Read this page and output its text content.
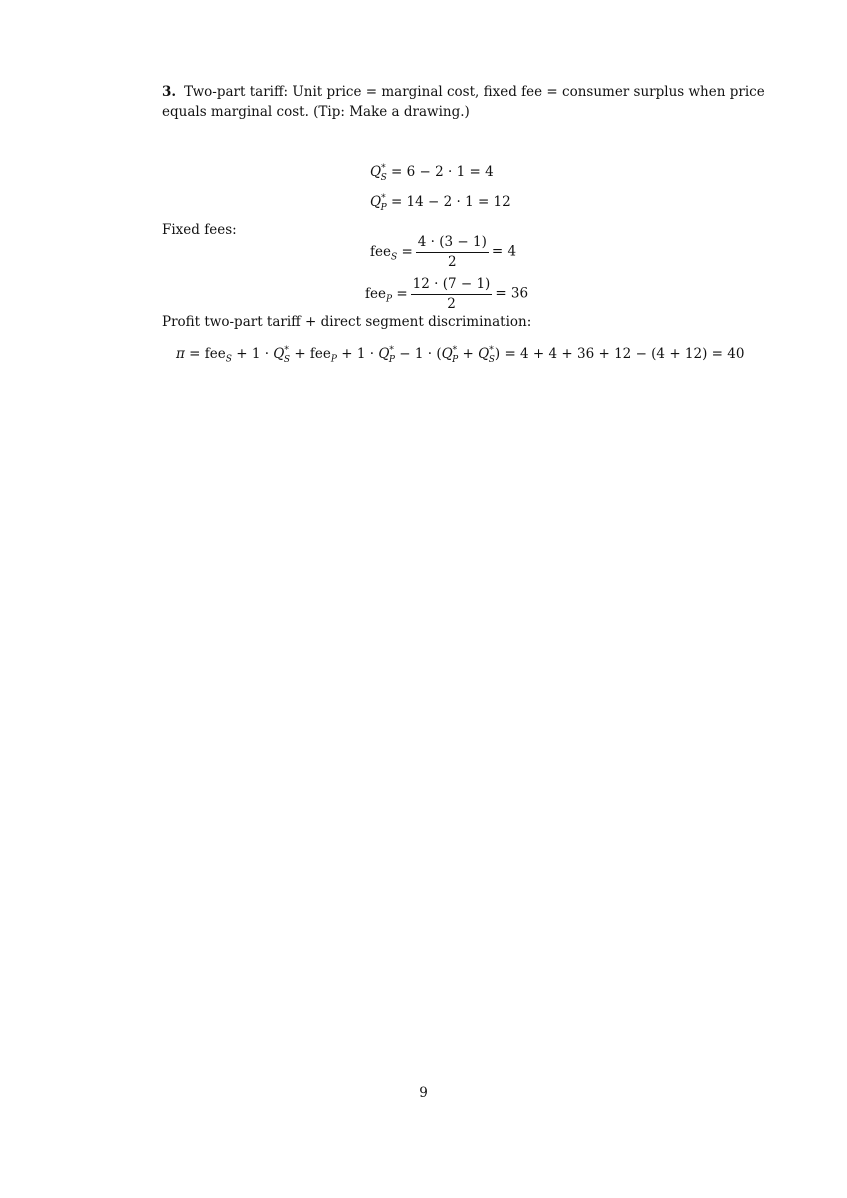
3. Two-part tariff: Unit price = marginal cost, fixed fee = consumer surplus when price
equals marginal cost. (Tip: Make a drawing.)
$Q^*_S = 6 - 2 \cdot 1 = 4$
$Q^*_P = 14 - 2 \cdot 1 = 12$
Fixed fees:
$fee_S = \frac{4 \cdot (3 - 1)}{2} = 4$
$fee_P = \frac{12 \cdot (7 - 1)}{2} = 36$
Profit two-part tariff + direct segment discrimination:
$\pi = fee_S + 1 \cdot Q^*_S + fee_P + 1 \cdot Q^*_P - 1 \cdot (Q^*_P + Q^*_S) = 4 + 4 + 36 + 12 - (4 + 12) = 40$
9
